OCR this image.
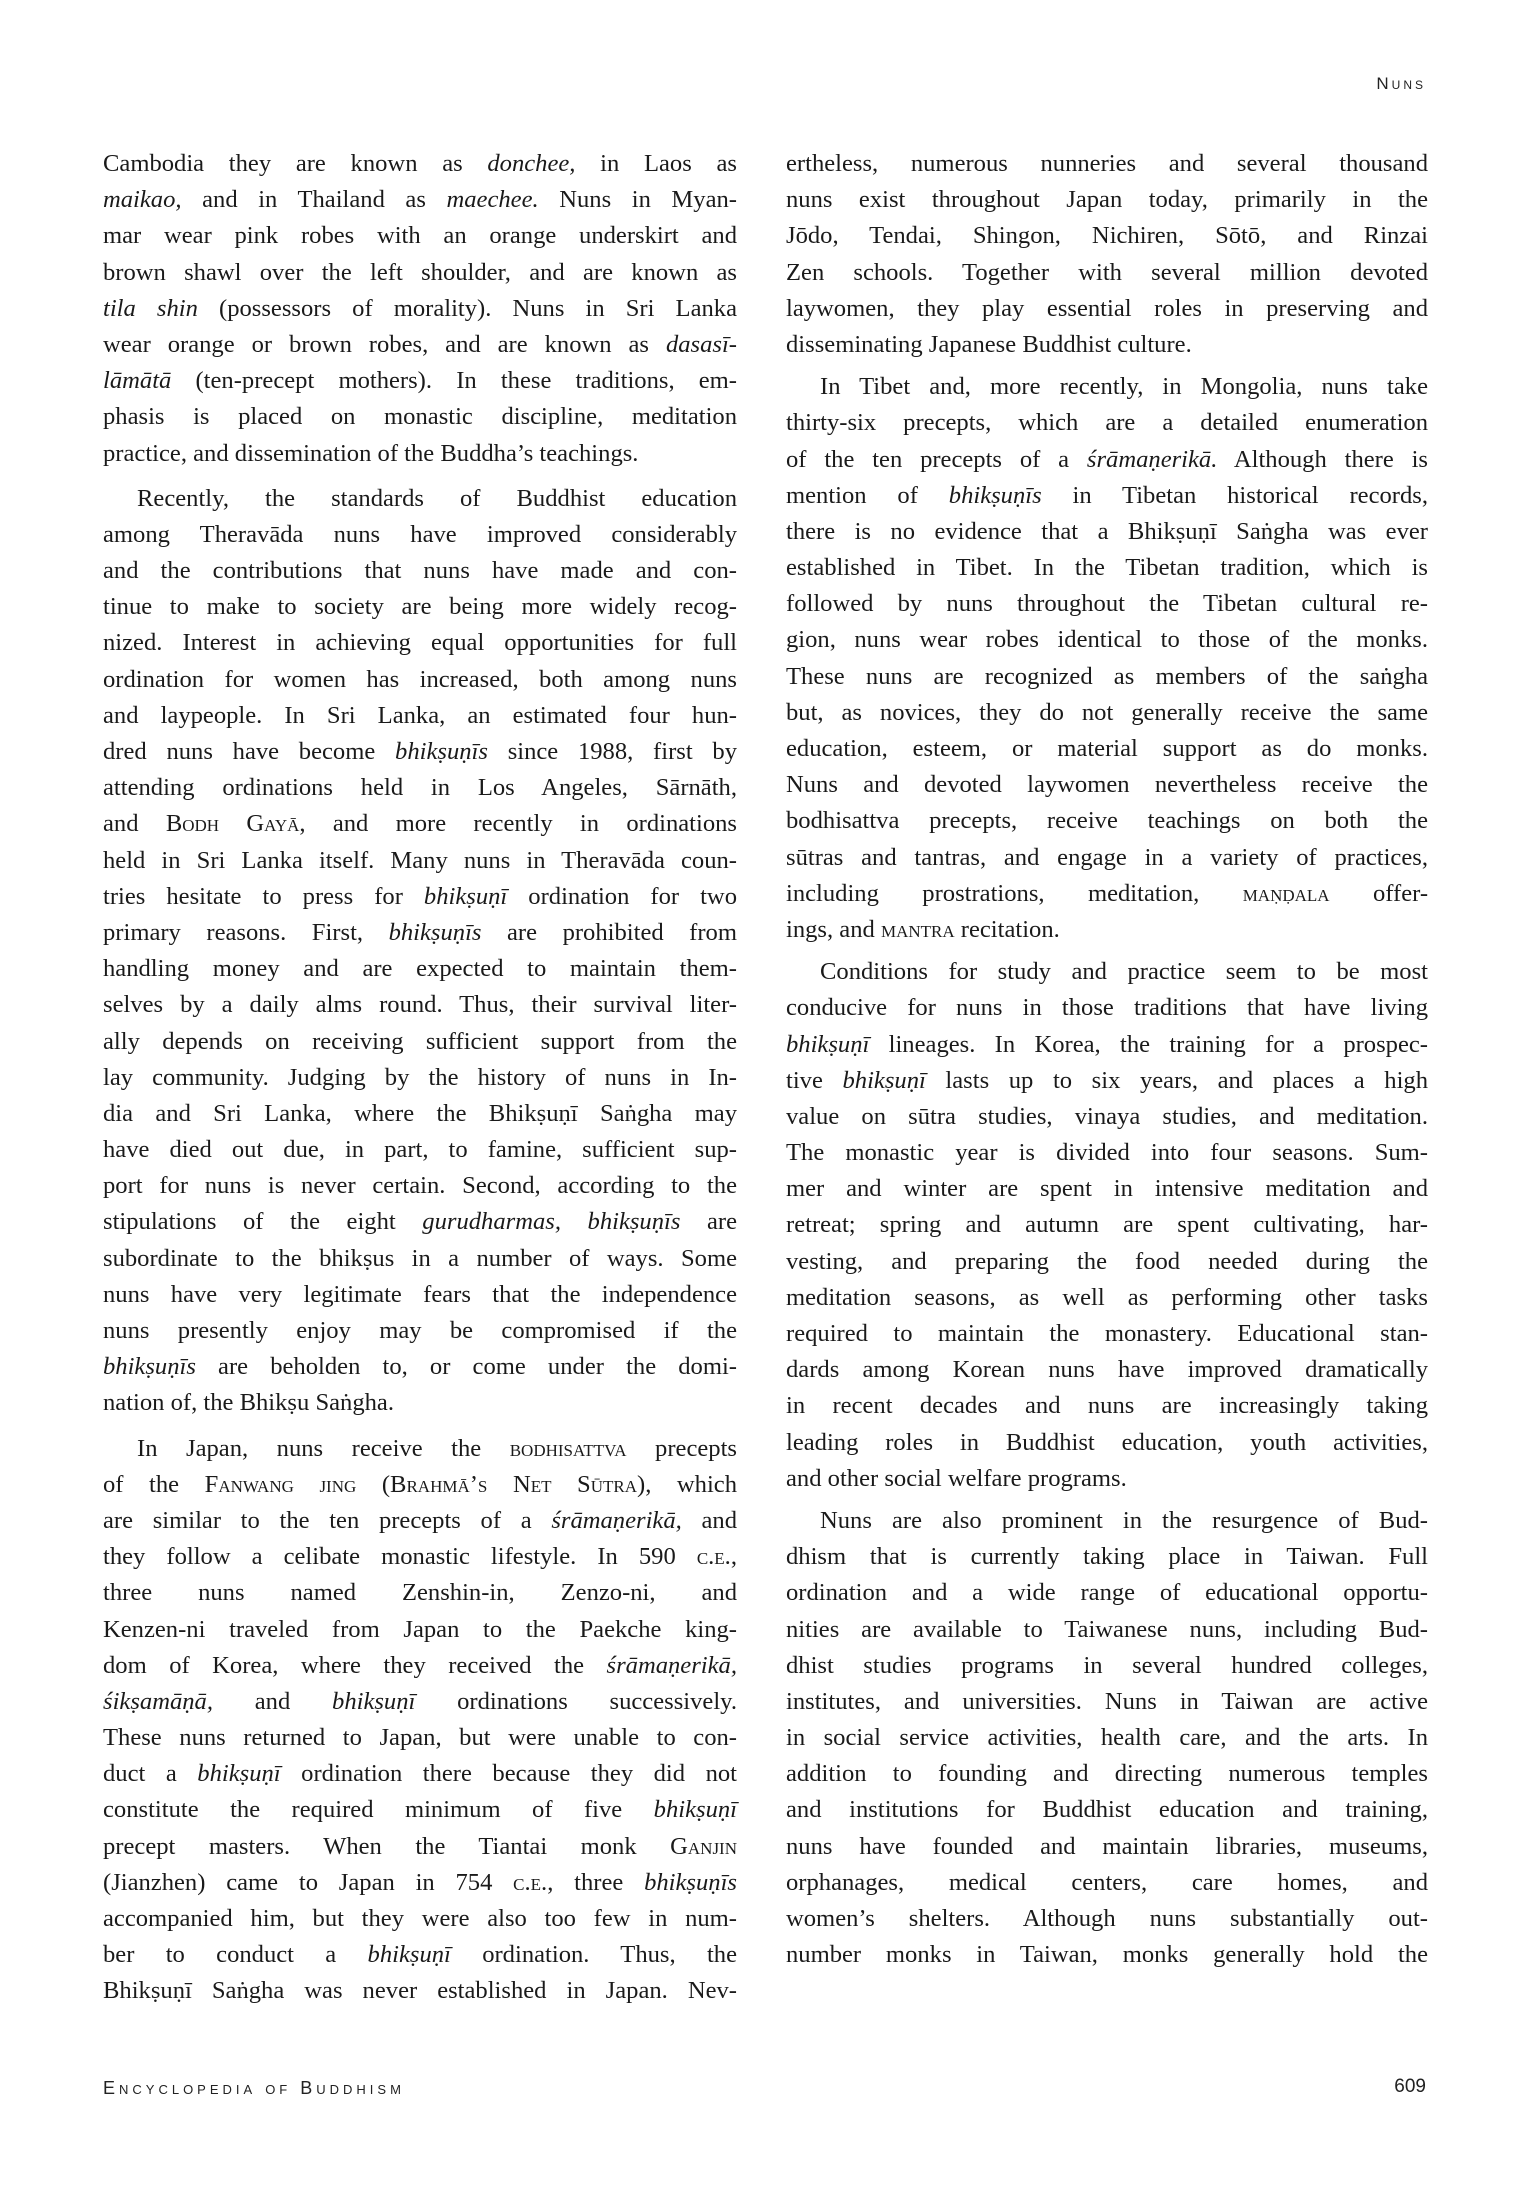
Nuns
Cambodia they are known as donchee, in Laos as
maikao, and in Thailand as maechee. Nuns in Myan-
mar wear pink robes with an orange underskirt and
brown shawl over the left shoulder, and are known as
tila shin (possessors of morality). Nuns in Sri Lanka
wear orange or brown robes, and are known as dasasī-
lāmātā (ten-precept mothers). In these traditions, em-
phasis is placed on monastic discipline, meditation
practice, and dissemination of the Buddha’s teachings.
Recently, the standards of Buddhist education
among Theravāda nuns have improved considerably
and the contributions that nuns have made and con-
tinue to make to society are being more widely recog-
nized. Interest in achieving equal opportunities for full
ordination for women has increased, both among nuns
and laypeople. In Sri Lanka, an estimated four hun-
dred nuns have become bhikṣuṇīs since 1988, first by
attending ordinations held in Los Angeles, Sārnāth,
and Bodh Gayā, and more recently in ordinations
held in Sri Lanka itself. Many nuns in Theravāda coun-
tries hesitate to press for bhikṣuṇī ordination for two
primary reasons. First, bhikṣuṇīs are prohibited from
handling money and are expected to maintain them-
selves by a daily alms round. Thus, their survival liter-
ally depends on receiving sufficient support from the
lay community. Judging by the history of nuns in In-
dia and Sri Lanka, where the Bhikṣuṇī Saṅgha may
have died out due, in part, to famine, sufficient sup-
port for nuns is never certain. Second, according to the
stipulations of the eight gurudharmas, bhikṣuṇīs are
subordinate to the bhikṣus in a number of ways. Some
nuns have very legitimate fears that the independence
nuns presently enjoy may be compromised if the
bhikṣuṇīs are beholden to, or come under the domi-
nation of, the Bhikṣu Saṅgha.
In Japan, nuns receive the bodhisattva precepts
of the Fanwang jing (Brahmā’s Net Sūtra), which
are similar to the ten precepts of a śrāmaṇerikā, and
they follow a celibate monastic lifestyle. In 590 c.e.,
three nuns named Zenshin-in, Zenzo-ni, and
Kenzen-ni traveled from Japan to the Paekche king-
dom of Korea, where they received the śrāmaṇerikā,
śikṣamāṇā, and bhikṣuṇī ordinations successively.
These nuns returned to Japan, but were unable to con-
duct a bhikṣuṇī ordination there because they did not
constitute the required minimum of five bhikṣuṇī
precept masters. When the Tiantai monk Ganjin
(Jianzhen) came to Japan in 754 c.e., three bhikṣuṇīs
accompanied him, but they were also too few in num-
ber to conduct a bhikṣuṇī ordination. Thus, the
Bhikṣuṇī Saṅgha was never established in Japan. Nev-
ertheless, numerous nunneries and several thousand
nuns exist throughout Japan today, primarily in the
Jōdo, Tendai, Shingon, Nichiren, Sōtō, and Rinzai
Zen schools. Together with several million devoted
laywomen, they play essential roles in preserving and
disseminating Japanese Buddhist culture.
In Tibet and, more recently, in Mongolia, nuns take
thirty-six precepts, which are a detailed enumeration
of the ten precepts of a śrāmaṇerikā. Although there is
mention of bhikṣuṇīs in Tibetan historical records,
there is no evidence that a Bhikṣuṇī Saṅgha was ever
established in Tibet. In the Tibetan tradition, which is
followed by nuns throughout the Tibetan cultural re-
gion, nuns wear robes identical to those of the monks.
These nuns are recognized as members of the saṅgha
but, as novices, they do not generally receive the same
education, esteem, or material support as do monks.
Nuns and devoted laywomen nevertheless receive the
bodhisattva precepts, receive teachings on both the
sūtras and tantras, and engage in a variety of practices,
including prostrations, meditation, maṇḍala offer-
ings, and mantra recitation.
Conditions for study and practice seem to be most
conducive for nuns in those traditions that have living
bhikṣuṇī lineages. In Korea, the training for a prospec-
tive bhikṣuṇī lasts up to six years, and places a high
value on sūtra studies, vinaya studies, and meditation.
The monastic year is divided into four seasons. Sum-
mer and winter are spent in intensive meditation and
retreat; spring and autumn are spent cultivating, har-
vesting, and preparing the food needed during the
meditation seasons, as well as performing other tasks
required to maintain the monastery. Educational stan-
dards among Korean nuns have improved dramatically
in recent decades and nuns are increasingly taking
leading roles in Buddhist education, youth activities,
and other social welfare programs.
Nuns are also prominent in the resurgence of Bud-
dhism that is currently taking place in Taiwan. Full
ordination and a wide range of educational opportu-
nities are available to Taiwanese nuns, including Bud-
dhist studies programs in several hundred colleges,
institutes, and universities. Nuns in Taiwan are active
in social service activities, health care, and the arts. In
addition to founding and directing numerous temples
and institutions for Buddhist education and training,
nuns have founded and maintain libraries, museums,
orphanages, medical centers, care homes, and
women’s shelters. Although nuns substantially out-
number monks in Taiwan, monks generally hold the
Encyclopedia of Buddhism	609
